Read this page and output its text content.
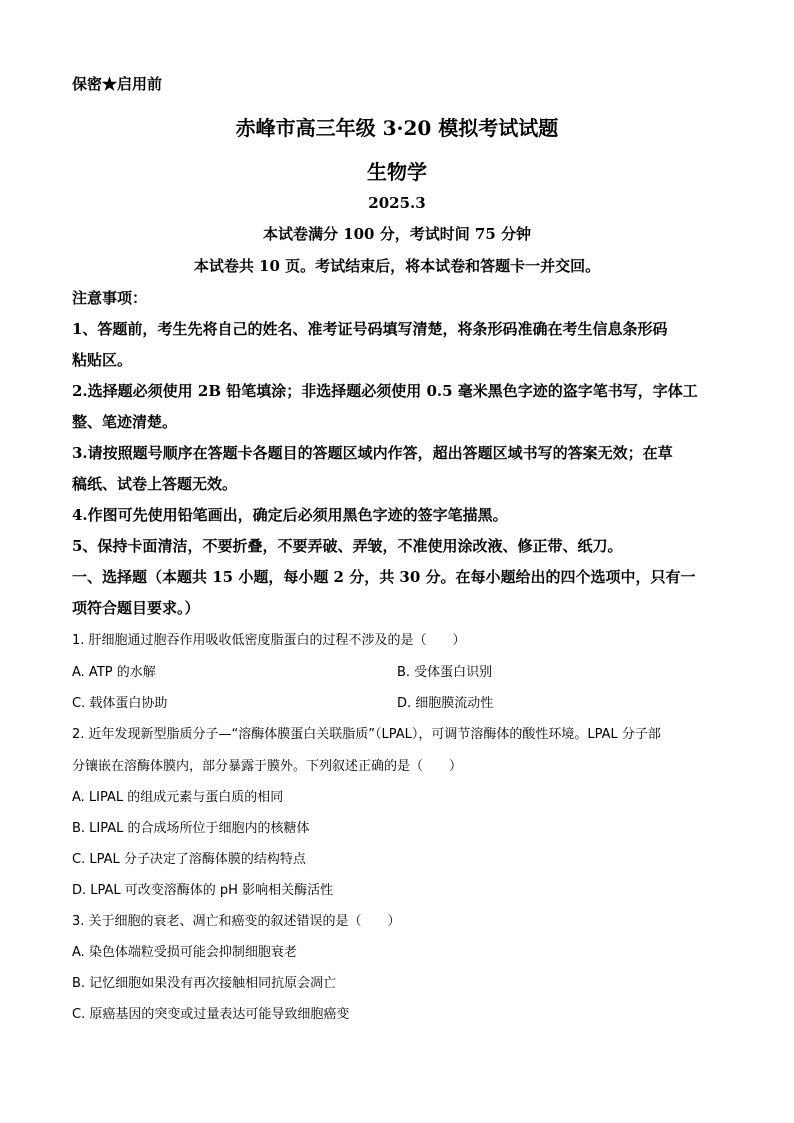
保密★启用前
赤峰市高三年级 3·20 模拟考试试题
生物学
2025.3
本试卷满分 100 分，考试时间 75 分钟
本试卷共 10 页。考试结束后，将本试卷和答题卡一并交回。
注意事项：
1、答题前，考生先将自己的姓名、准考证号码填写清楚，将条形码准确在考生信息条形码
粘贴区。
2.选择题必须使用 2B 铅笔填涂；非选择题必须使用 0.5 毫米黑色字迹的盗字笔书写，字体工
整、笔迹清楚。
3.请按照题号顺序在答题卡各题目的答题区域内作答，超出答题区域书写的答案无效；在草
稿纸、试卷上答题无效。
4.作图可先使用铅笔画出，确定后必须用黑色字迹的签字笔描黑。
5、保持卡面清洁，不要折叠，不要弄破、弄皱，不准使用涂改液、修正带、纸刀。
一、选择题（本题共 15 小题，每小题 2 分，共 30 分。在每小题给出的四个选项中，只有一
项符合题目要求。）
1. 肝细胞通过胞吞作用吸收低密度脂蛋白的过程不涉及的是（　　）
A. ATP 的水解	B. 受体蛋白识别
C. 载体蛋白协助	D. 细胞膜流动性
2. 近年发现新型脂质分子—“溶酶体膜蛋白关联脂质”（LPAL），可调节溶酶体的酸性环境。LPAL 分子部
分镶嵌在溶酶体膜内，部分暴露于膜外。下列叙述正确的是（　　）
A. LIPAL 的组成元素与蛋白质的相同
B. LIPAL 的合成场所位于细胞内的核糖体
C. LPAL 分子决定了溶酶体膜的结构特点
D. LPAL 可改变溶酶体的 pH 影响相关酶活性
3. 关于细胞的衰老、凋亡和癌变的叙述错误的是（　　）
A. 染色体端粒受损可能会抑制细胞衰老
B. 记忆细胞如果没有再次接触相同抗原会凋亡
C. 原癌基因的突变或过量表达可能导致细胞癌变
